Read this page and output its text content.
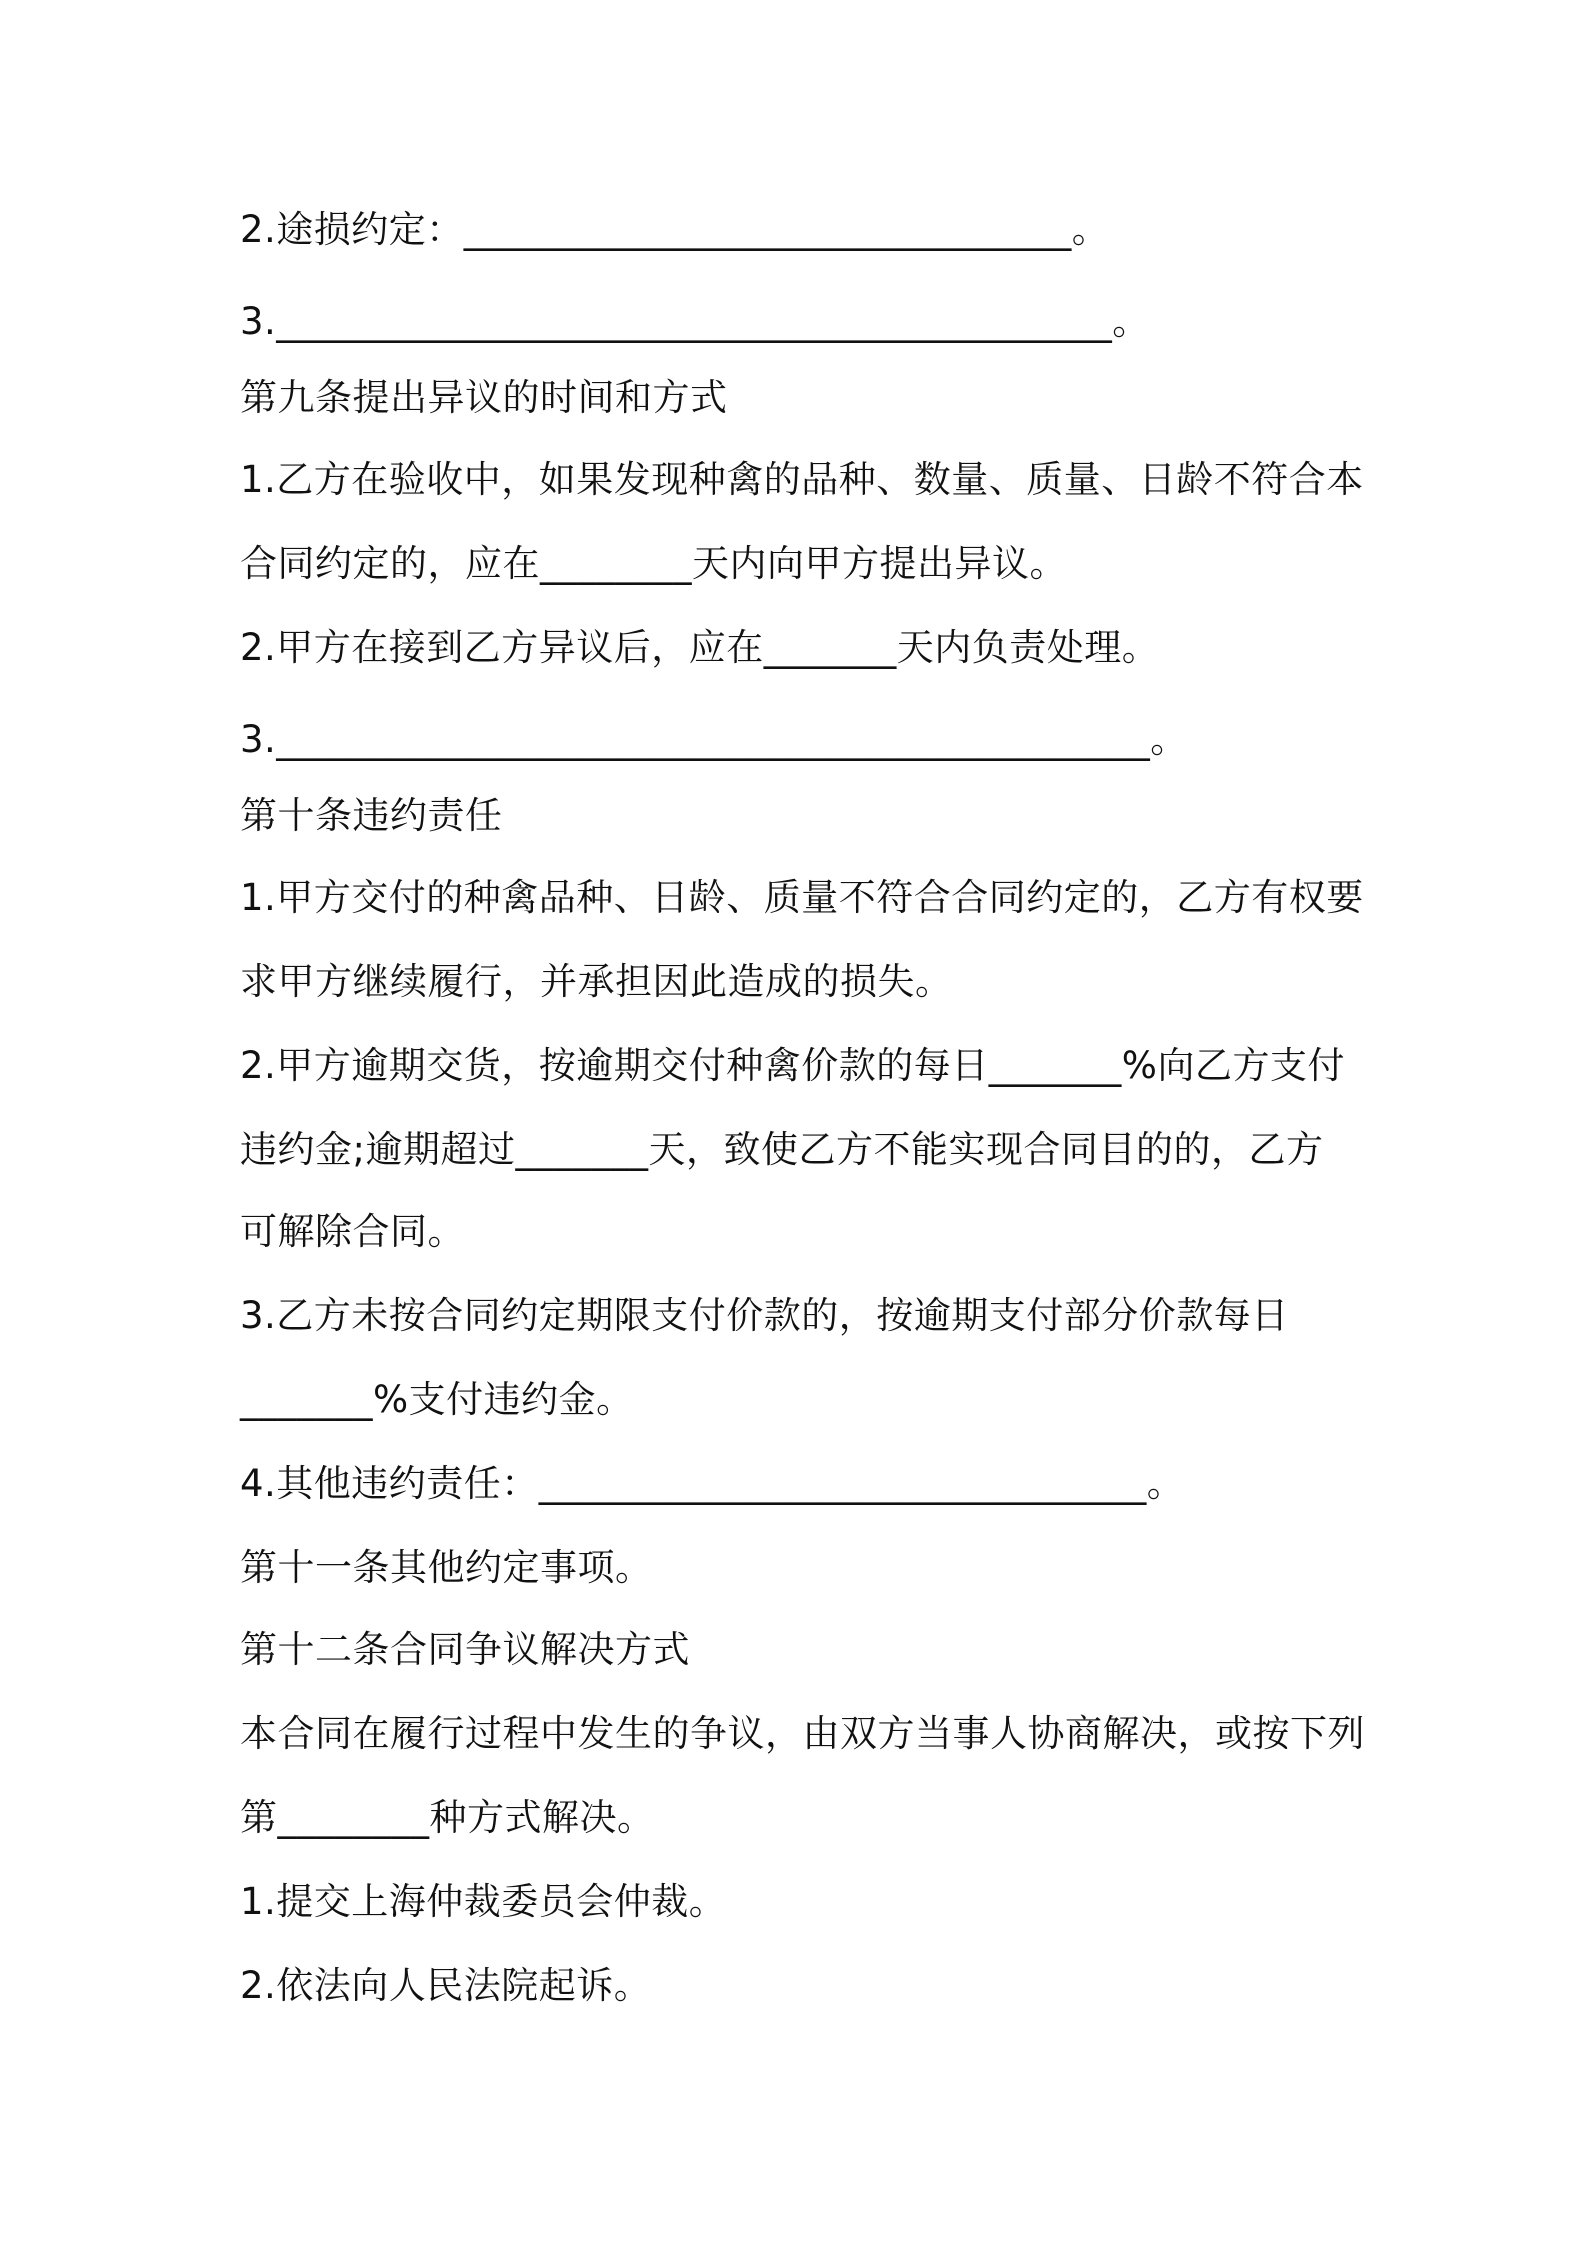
2.途损约定：________________________________。
3.____________________________________________。
第九条提出异议的时间和方式
1.乙方在验收中，如果发现种禽的品种、数量、质量、日龄不符合本
合同约定的，应在________天内向甲方提出异议。
2.甲方在接到乙方异议后，应在_______天内负责处理。
3.______________________________________________。
第十条违约责任
1.甲方交付的种禽品种、日龄、质量不符合合同约定的，乙方有权要
求甲方继续履行，并承担因此造成的损失。
2.甲方逾期交货，按逾期交付种禽价款的每日_______%向乙方支付
违约金;逾期超过_______天，致使乙方不能实现合同目的的，乙方
可解除合同。
3.乙方未按合同约定期限支付价款的，按逾期支付部分价款每日
_______%支付违约金。
4.其他违约责任：________________________________。
第十一条其他约定事项。
第十二条合同争议解决方式
本合同在履行过程中发生的争议，由双方当事人协商解决，或按下列
第________种方式解决。
1.提交上海仲裁委员会仲裁。
2.依法向人民法院起诉。
